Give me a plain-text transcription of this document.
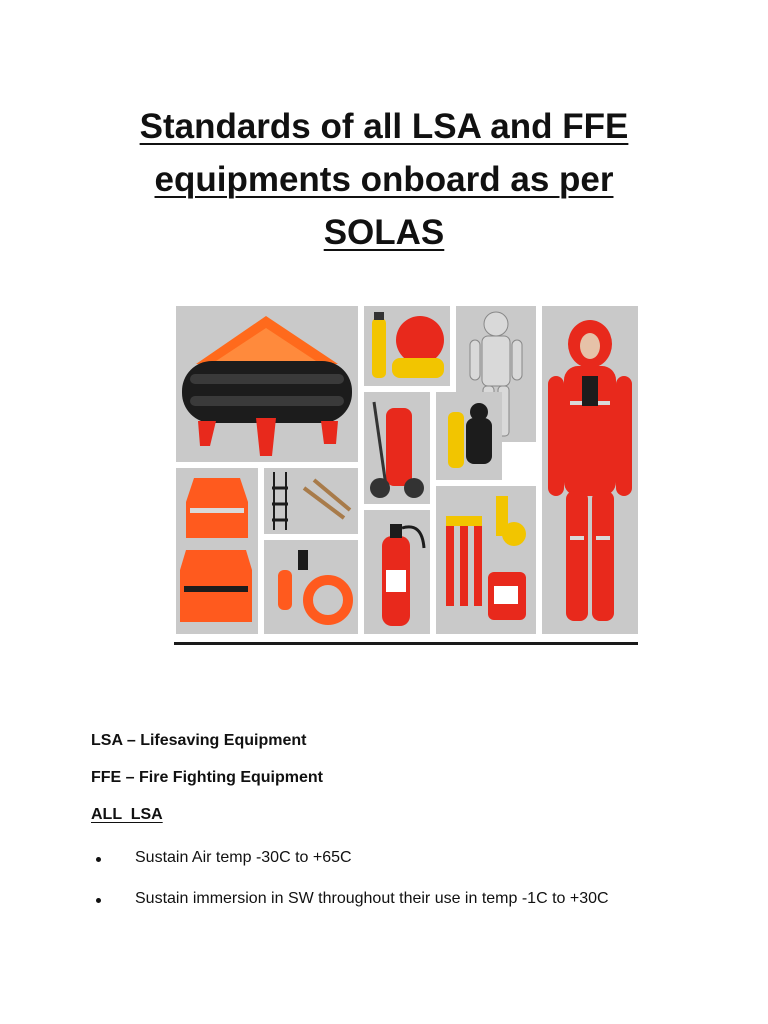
Standards of all LSA and FFE
equipments onboard as per
SOLAS

LSA – Lifesaving Equipment

FFE – Fire Fighting Equipment

ALL  LSA

Sustain Air temp -30C to +65C
Sustain immersion in SW throughout their use in temp -1C to +30C
